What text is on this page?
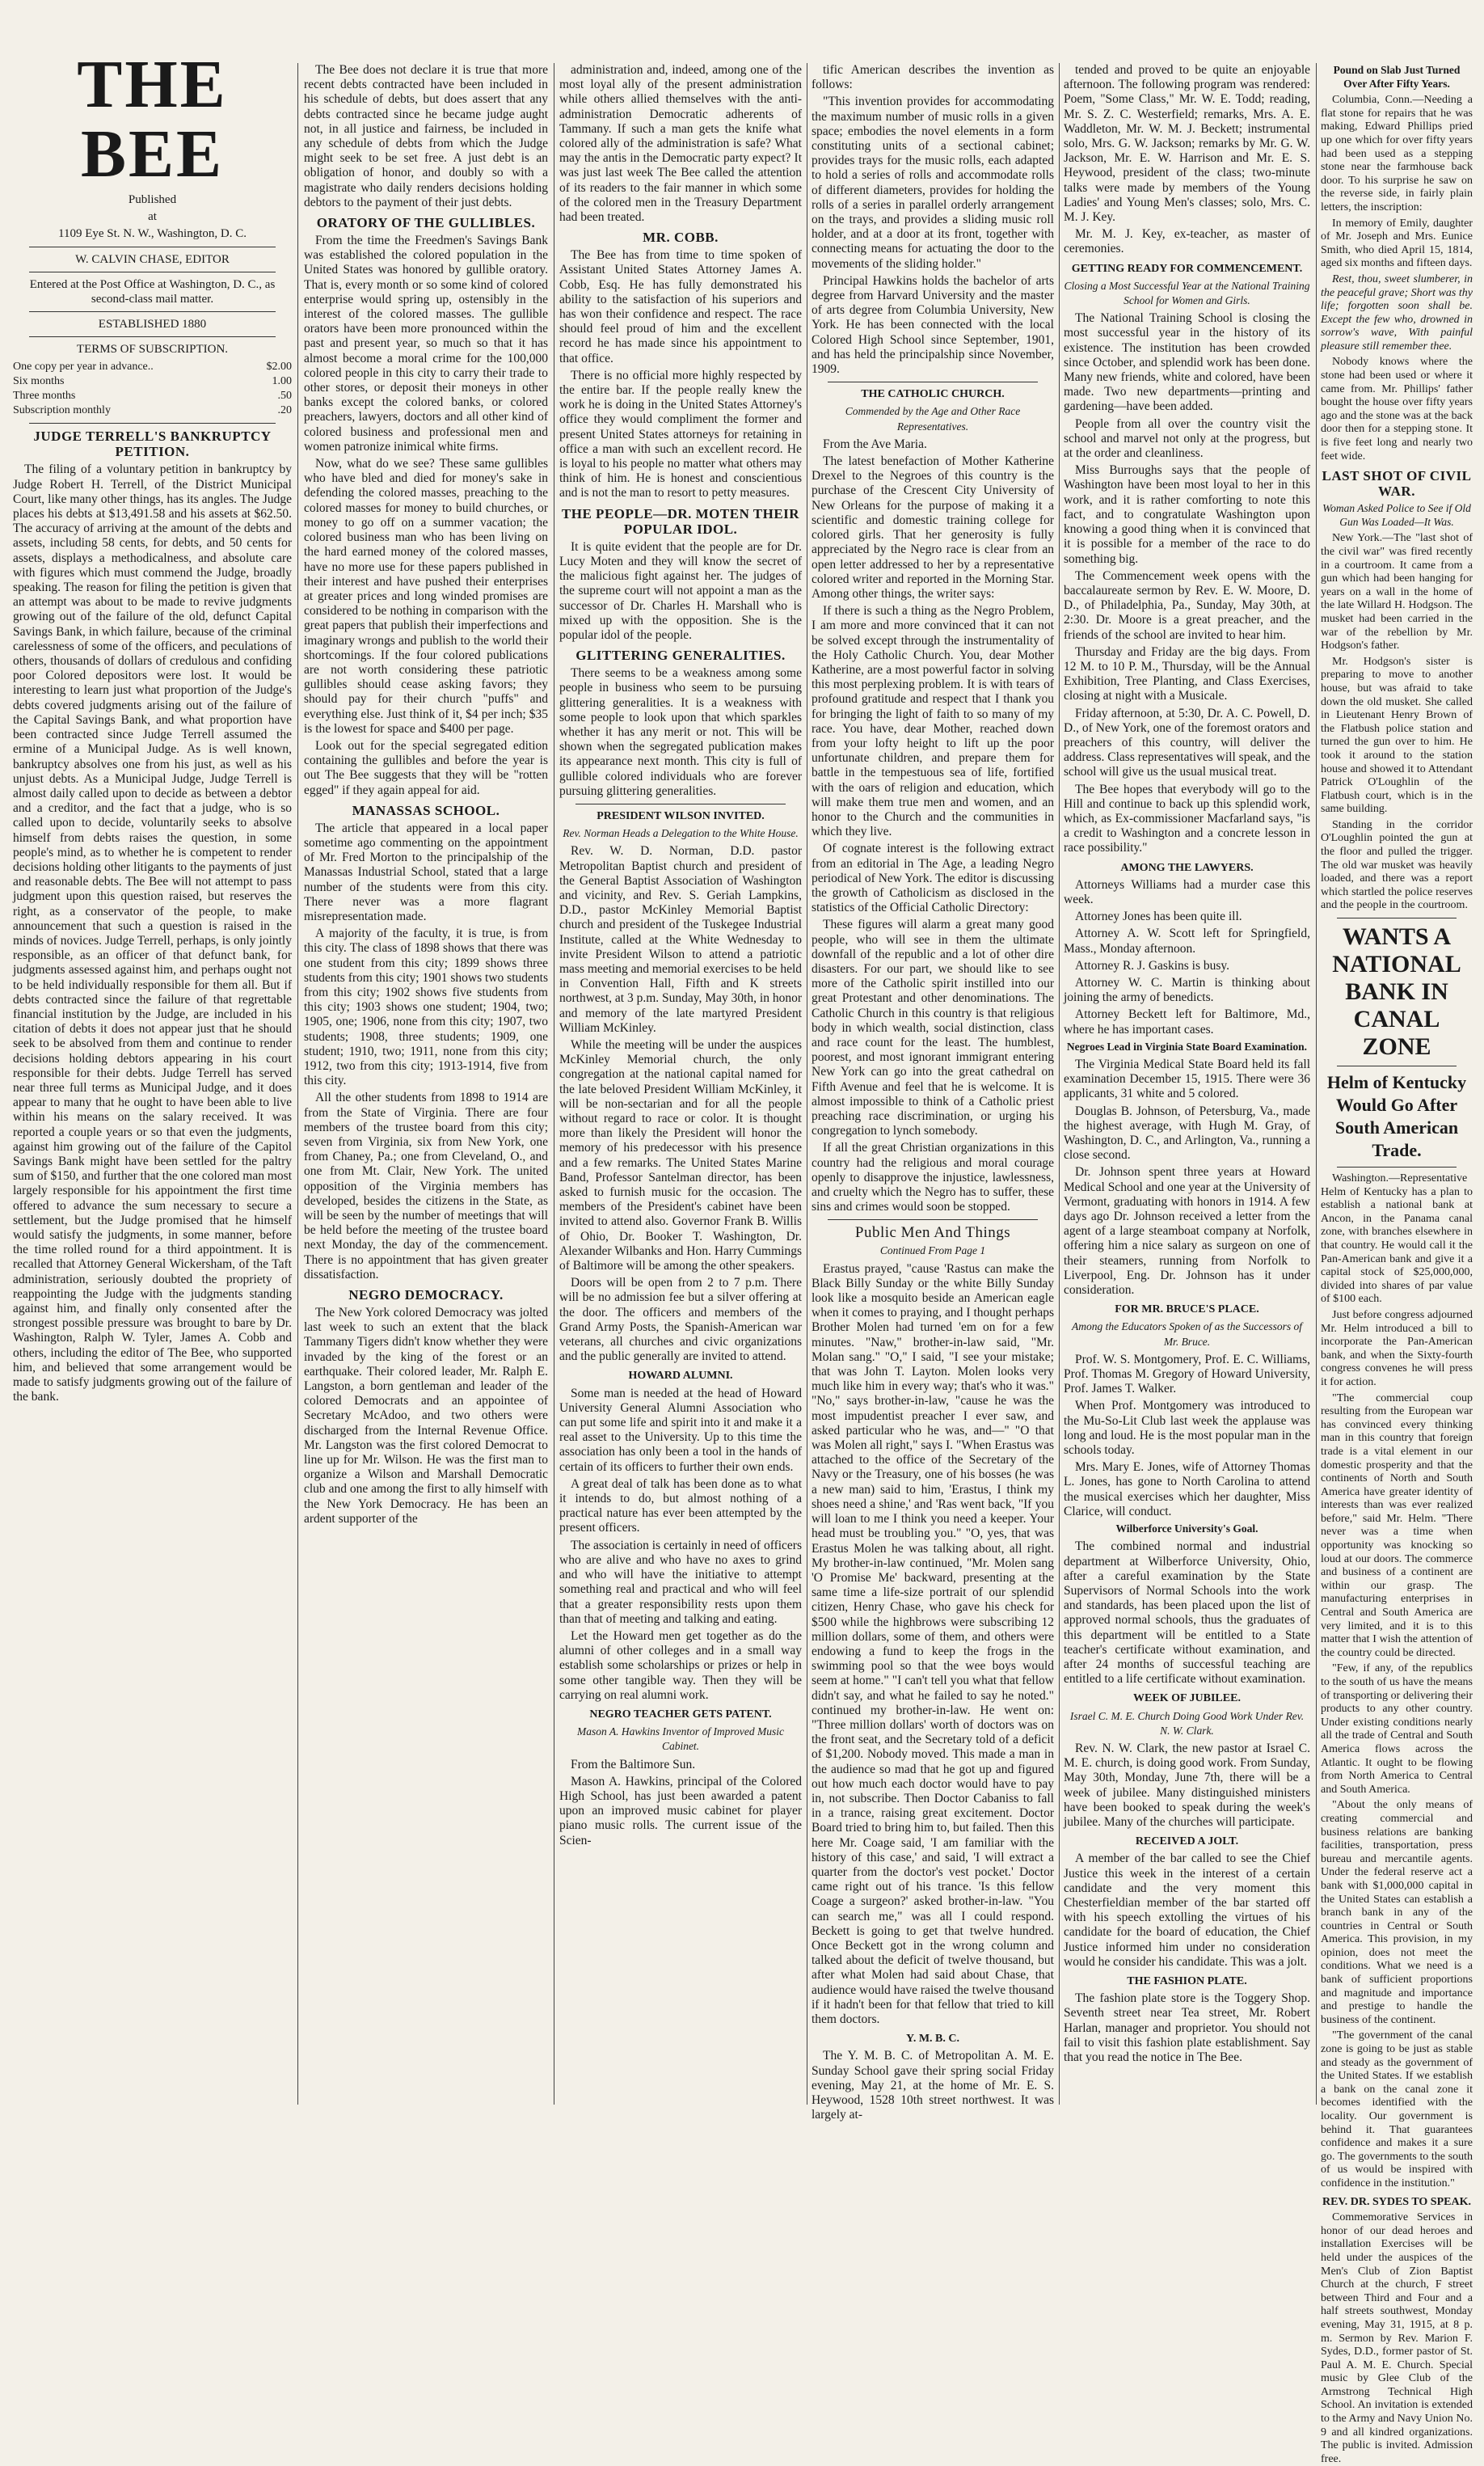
THE BEE
Published
at
1109 Eye St. N. W., Washington, D. C.
W. CALVIN CHASE, EDITOR
Entered at the Post Office at Washington, D. C., as second-class mail matter.
ESTABLISHED 1880
TERMS OF SUBSCRIPTION.
One copy per year in advance..	$2.00
Six months	1.00
Three months	.50
Subscription monthly	.20
JUDGE TERRELL'S BANKRUPTCY PETITION.

The filing of a voluntary petition in bankruptcy by Judge Robert H. Terrell, of the District Municipal Court, like many other things, has its angles. The Judge places his debts at $13,491.58 and his assets at $62.50. The accuracy of arriving at the amount of the debts and assets, including 58 cents, for debts, and 50 cents for assets, displays a methodicalness, and absolute care with figures which must commend the Judge, broadly speaking. The reason for filing the petition is given that an attempt was about to be made to revive judgments growing out of the failure of the old, defunct Capital Savings Bank, in which failure, because of the criminal carelessness of some of the officers, and peculations of others, thousands of dollars of credulous and confiding poor Colored depositors were lost. It would be interesting to learn just what proportion of the Judge's debts covered judgments arising out of the failure of the Capital Savings Bank, and what proportion have been contracted since Judge Terrell assumed the ermine of a Municipal Judge. As is well known, bankruptcy absolves one from his just, as well as his unjust debts. As a Municipal Judge, Judge Terrell is almost daily called upon to decide as between a debtor and a creditor, and the fact that a judge, who is so called upon to decide, voluntarily seeks to absolve himself from debts raises the question, in some people's mind, as to whether he is competent to render decisions holding other litigants to the payments of just and reasonable debts. The Bee will not attempt to pass judgment upon this question raised, but reserves the right, as a conservator of the people, to make announcement that such a question is raised in the minds of novices. Judge Terrell, perhaps, is only jointly responsible, as an officer of that defunct bank, for judgments assessed against him, and perhaps ought not to be held individually responsible for them all. But if debts contracted since the failure of that regrettable financial institution by the Judge, are included in his citation of debts it does not appear just that he should seek to be absolved from them and continue to render decisions holding debtors appearing in his court responsible for their debts. Judge Terrell has served near three full terms as Municipal Judge, and it does appear to many that he ought to have been able to live within his means on the salary received. It was reported a couple years or so that even the judgments, against him growing out of the failure of the Capitol Savings Bank might have been settled for the paltry sum of $150, and further that the one colored man most largely responsible for his appointment the first time offered to advance the sum necessary to secure a settlement, but the Judge promised that he himself would satisfy the judgments, in some manner, before the time rolled round for a third appointment. It is recalled that Attorney General Wickersham, of the Taft administration, seriously doubted the propriety of reappointing the Judge with the judgments standing against him, and finally only consented after the strongest possible pressure was brought to bare by Dr. Washington, Ralph W. Tyler, James A. Cobb and others, including the editor of The Bee, who supported him, and believed that some arrangement would be made to satisfy judgments growing out of the failure of the bank.

The Bee does not declare it is true that more recent debts contracted have been included in his schedule of debts, but does assert that any debts contracted since he became judge aught not, in all justice and fairness, be included in any schedule of debts from which the Judge might seek to be set free. A just debt is an obligation of honor, and doubly so with a magistrate who daily renders decisions holding debtors to the payment of their just debts.

ORATORY OF THE GULLIBLES.

From the time the Freedmen's Savings Bank was established the colored population in the United States was honored by gullible oratory. That is, every month or so some kind of colored enterprise would spring up, ostensibly in the interest of the colored masses. The gullible orators have been more pronounced within the past and present year, so much so that it has almost become a moral crime for the 100,000 colored people in this city to carry their trade to other stores, or deposit their moneys in other banks except the colored banks, or colored preachers, lawyers, doctors and all other kind of colored business and professional men and women patronize inimical white firms.

Now, what do we see? These same gullibles who have bled and died for money's sake in defending the colored masses, preaching to the colored masses for money to build churches, or money to go off on a summer vacation; the colored business man who has been living on the hard earned money of the colored masses, have no more use for these papers published in their interest and have pushed their enterprises at greater prices and long winded promises are considered to be nothing in comparison with the great papers that publish their imperfections and imaginary wrongs and publish to the world their shortcomings. If the four colored publications are not worth considering these patriotic gullibles should cease asking favors; they should pay for their church "puffs" and everything else. Just think of it, $4 per inch; $35 is the lowest for space and $400 per page.

Look out for the special segregated edition containing the gullibles and before the year is out The Bee suggests that they will be "rotten egged" if they again appeal for aid.

MANASSAS SCHOOL.

The article that appeared in a local paper sometime ago commenting on the appointment of Mr. Fred Morton to the principalship of the Manassas Industrial School, stated that a large number of the students were from this city. There never was a more flagrant misrepresentation made.

A majority of the faculty, it is true, is from this city. The class of 1898 shows that there was one student from this city; 1899 shows three students from this city; 1901 shows two students from this city; 1902 shows five students from this city; 1903 shows one student; 1904, two; 1905, one; 1906, none from this city; 1907, two students; 1908, three students; 1909, one student; 1910, two; 1911, none from this city; 1912, two from this city; 1913-1914, five from this city.

All the other students from 1898 to 1914 are from the State of Virginia. There are four members of the trustee board from this city; seven from Virginia, six from New York, one from Chaney, Pa.; one from Cleveland, O., and one from Mt. Clair, New York. The united opposition of the Virginia members has developed, besides the citizens in the State, as will be seen by the number of meetings that will be held before the meeting of the trustee board next Monday, the day of the commencement. There is no appointment that has given greater dissatisfaction.

NEGRO DEMOCRACY.

The New York colored Democracy was jolted last week to such an extent that the black Tammany Tigers didn't know whether they were invaded by the king of the forest or an earthquake. Their colored leader, Mr. Ralph E. Langston, a born gentleman and leader of the colored Democrats and an appointee of Secretary McAdoo, and two others were discharged from the Internal Revenue Office. Mr. Langston was the first colored Democrat to line up for Mr. Wilson. He was the first man to organize a Wilson and Marshall Democratic club and one among the first to ally himself with the New York Democracy. He has been an ardent supporter of the

administration and, indeed, among one of the most loyal ally of the present administration while others allied themselves with the anti-administration Democratic adherents of Tammany. If such a man gets the knife what colored ally of the administration is safe? What may the antis in the Democratic party expect? It was just last week The Bee called the attention of its readers to the fair manner in which some of the colored men in the Treasury Department had been treated.

MR. COBB.

The Bee has from time to time spoken of Assistant United States Attorney James A. Cobb, Esq. He has fully demonstrated his ability to the satisfaction of his superiors and has won their confidence and respect. The race should feel proud of him and the excellent record he has made since his appointment to that office.

There is no official more highly respected by the entire bar. If the people really knew the work he is doing in the United States Attorney's office they would compliment the former and present United States attorneys for retaining in office a man with such an excellent record. He is loyal to his people no matter what others may think of him. He is honest and conscientious and is not the man to resort to petty measures.

THE PEOPLE—DR. MOTEN THEIR POPULAR IDOL.

It is quite evident that the people are for Dr. Lucy Moten and they will know the secret of the malicious fight against her. The judges of the supreme court will not appoint a man as the successor of Dr. Charles H. Marshall who is mixed up with the opposition. She is the popular idol of the people.

GLITTERING GENERALITIES.

There seems to be a weakness among some people in business who seem to be pursuing glittering generalities. It is a weakness with some people to look upon that which sparkles whether it has any merit or not. This will be shown when the segregated publication makes its appearance next month. This city is full of gullible colored individuals who are forever pursuing glittering generalities.

PRESIDENT WILSON INVITED.
Rev. Norman Heads a Delegation to the White House.

Rev. W. D. Norman, D.D. pastor Metropolitan Baptist church and president of the General Baptist Association of Washington and vicinity, and Rev. S. Geriah Lampkins, D.D., pastor McKinley Memorial Baptist church and president of the Tuskegee Industrial Institute, called at the White Wednesday to invite President Wilson to attend a patriotic mass meeting and memorial exercises to be held in Convention Hall, Fifth and K streets northwest, at 3 p.m. Sunday, May 30th, in honor and memory of the late martyred President William McKinley.

While the meeting will be under the auspices McKinley Memorial church, the only congregation at the national capital named for the late beloved President William McKinley, it will be non-sectarian and for all the people without regard to race or color. It is thought more than likely the President will honor the memory of his predecessor with his presence and a few remarks. The United States Marine Band, Professor Santelman director, has been asked to furnish music for the occasion. The members of the President's cabinet have been invited to attend also. Governor Frank B. Willis of Ohio, Dr. Booker T. Washington, Dr. Alexander Wilbanks and Hon. Harry Cummings of Baltimore will be among the other speakers.

Doors will be open from 2 to 7 p.m. There will be no admission fee but a silver offering at the door. The officers and members of the Grand Army Posts, the Spanish-American war veterans, all churches and civic organizations and the public generally are invited to attend.

HOWARD ALUMNI.

Some man is needed at the head of Howard University General Alumni Association who can put some life and spirit into it and make it a real asset to the University. Up to this time the association has only been a tool in the hands of certain of its officers to further their own ends.

A great deal of talk has been done as to what it intends to do, but almost nothing of a practical nature has ever been attempted by the present officers.

The association is certainly in need of officers who are alive and who have no axes to grind and who will have the initiative to attempt something real and practical and who will feel that a greater responsibility rests upon them than that of meeting and talking and eating.

Let the Howard men get together as do the alumni of other colleges and in a small way establish some scholarships or prizes or help in some other tangible way. Then they will be carrying on real alumni work.

NEGRO TEACHER GETS PATENT.
Mason A. Hawkins Inventor of Improved Music Cabinet.

From the Baltimore Sun.

Mason A. Hawkins, principal of the Colored High School, has just been awarded a patent upon an improved music cabinet for player piano music rolls. The current issue of the Scien-

tific American describes the invention as follows:

"This invention provides for accommodating the maximum number of music rolls in a given space; embodies the novel elements in a form constituting units of a sectional cabinet; provides trays for the music rolls, each adapted to hold a series of rolls and accommodate rolls of different diameters, provides for holding the rolls of a series in parallel orderly arrangement on the trays, and provides a sliding music roll holder, and at a door at its front, together with connecting means for actuating the door to the movements of the sliding holder."

Principal Hawkins holds the bachelor of arts degree from Harvard University and the master of arts degree from Columbia University, New York. He has been connected with the local Colored High School since September, 1901, and has held the principalship since November, 1909.

THE CATHOLIC CHURCH.
Commended by the Age and Other Race Representatives.

From the Ave Maria.

The latest benefaction of Mother Katherine Drexel to the Negroes of this country is the purchase of the Crescent City University of New Orleans for the purpose of making it a scientific and domestic training college for colored girls. That her generosity is fully appreciated by the Negro race is clear from an open letter addressed to her by a representative colored writer and reported in the Morning Star. Among other things, the writer says:

If there is such a thing as the Negro Problem, I am more and more convinced that it can not be solved except through the instrumentality of the Holy Catholic Church. You, dear Mother Katherine, are a most powerful factor in solving this most perplexing problem. It is with tears of profound gratitude and respect that I thank you for bringing the light of faith to so many of my race. You have, dear Mother, reached down from your lofty height to lift up the poor unfortunate children, and prepare them for battle in the tempestuous sea of life, fortified with the oars of religion and education, which will make them true men and women, and an honor to the Church and the communities in which they live.

Of cognate interest is the following extract from an editorial in The Age, a leading Negro periodical of New York. The editor is discussing the growth of Catholicism as disclosed in the statistics of the Official Catholic Directory:

These figures will alarm a great many good people, who will see in them the ultimate downfall of the republic and a lot of other dire disasters. For our part, we should like to see more of the Catholic spirit instilled into our great Protestant and other denominations. The Catholic Church in this country is that religious body in which wealth, social distinction, class and race count for the least. The humblest, poorest, and most ignorant immigrant entering New York can go into the great cathedral on Fifth Avenue and feel that he is welcome. It is almost impossible to think of a Catholic priest preaching race discrimination, or urging his congregation to lynch somebody.

If all the great Christian organizations in this country had the religious and moral courage openly to disapprove the injustice, lawlessness, and cruelty which the Negro has to suffer, these sins and crimes would soon be stopped.

Public Men And Things
Continued From Page 1

Erastus prayed, "cause 'Rastus can make the Black Billy Sunday or the white Billy Sunday look like a mosquito beside an American eagle when it comes to praying, and I thought perhaps Brother Molen had turned 'em on for a few minutes. "Naw," brother-in-law said, "Mr. Molan sang." "O," I said, "I see your mistake; that was John T. Layton. Molen looks very much like him in every way; that's who it was." "No," says brother-in-law, "cause he was the most impudentist preacher I ever saw, and asked particular who he was, and—" "O that was Molen all right," says I. "When Erastus was attached to the office of the Secretary of the Navy or the Treasury, one of his bosses (he was a new man) said to him, 'Erastus, I think my shoes need a shine,' and 'Ras went back, "If you will loan to me I think you need a keeper. Your head must be troubling you." "O, yes, that was Erastus Molen he was talking about, all right. My brother-in-law continued, "Mr. Molen sang 'O Promise Me' backward, presenting at the same time a life-size portrait of our splendid citizen, Henry Chase, who gave his check for $500 while the highbrows were subscribing 12 million dollars, some of them, and others were endowing a fund to keep the frogs in the swimming pool so that the wee boys would seem at home." "I can't tell you what that fellow didn't say, and what he failed to say he noted." continued my brother-in-law. He went on: "Three million dollars' worth of doctors was on the front seat, and the Secretary told of a deficit of $1,200. Nobody moved. This made a man in the audience so mad that he got up and figured out how much each doctor would have to pay in, not subscribe. Then Doctor Cabaniss to fall in a trance, raising great excitement. Doctor Board tried to bring him to, but failed. Then this here Mr. Coage said, 'I am familiar with the history of this case,' and said, 'I will extract a quarter from the doctor's vest pocket.' Doctor came right out of his trance. 'Is this fellow Coage a surgeon?' asked brother-in-law. "You can search me," was all I could respond. Beckett is going to get that twelve hundred. Once Beckett got in the wrong column and talked about the deficit of twelve thousand, but after what Molen had said about Chase, that audience would have raised the twelve thousand if it hadn't been for that fellow that tried to kill them doctors.

Y. M. B. C.

The Y. M. B. C. of Metropolitan A. M. E. Sunday School gave their spring social Friday evening, May 21, at the home of Mr. E. S. Heywood, 1528 10th street northwest. It was largely at-

tended and proved to be quite an enjoyable afternoon. The following program was rendered: Poem, "Some Class," Mr. W. E. Todd; reading, Mr. S. Z. C. Westerfield; remarks, Mrs. A. E. Waddleton, Mr. W. M. J. Beckett; instrumental solo, Mrs. G. W. Jackson; remarks by Mr. G. W. Jackson, Mr. E. W. Harrison and Mr. E. S. Heywood, president of the class; two-minute talks were made by members of the Young Ladies' and Young Men's classes; solo, Mrs. C. M. J. Key.

Mr. M. J. Key, ex-teacher, as master of ceremonies.

GETTING READY FOR COMMENCEMENT.
Closing a Most Successful Year at the National Training School for Women and Girls.

The National Training School is closing the most successful year in the history of its existence. The institution has been crowded since October, and splendid work has been done. Many new friends, white and colored, have been made. Two new departments—printing and gardening—have been added.

People from all over the country visit the school and marvel not only at the progress, but at the order and cleanliness.

Miss Burroughs says that the people of Washington have been most loyal to her in this work, and it is rather comforting to note this fact, and to congratulate Washington upon knowing a good thing when it is convinced that it is possible for a member of the race to do something big.

The Commencement week opens with the baccalaureate sermon by Rev. E. W. Moore, D. D., of Philadelphia, Pa., Sunday, May 30th, at 2:30. Dr. Moore is a great preacher, and the friends of the school are invited to hear him.

Thursday and Friday are the big days. From 12 M. to 10 P. M., Thursday, will be the Annual Exhibition, Tree Planting, and Class Exercises, closing at night with a Musicale.

Friday afternoon, at 5:30, Dr. A. C. Powell, D. D., of New York, one of the foremost orators and preachers of this country, will deliver the address. Class representatives will speak, and the school will give us the usual musical treat.

The Bee hopes that everybody will go to the Hill and continue to back up this splendid work, which, as Ex-commissioner Macfarland says, "is a credit to Washington and a concrete lesson in race possibility."

AMONG THE LAWYERS.

Attorneys Williams had a murder case this week.

Attorney Jones has been quite ill.

Attorney A. W. Scott left for Springfield, Mass., Monday afternoon.

Attorney R. J. Gaskins is busy.

Attorney W. C. Martin is thinking about joining the army of benedicts.

Attorney Beckett left for Baltimore, Md., where he has important cases.

Negroes Lead in Virginia State Board Examination.

The Virginia Medical State Board held its fall examination December 15, 1915. There were 36 applicants, 31 white and 5 colored.

Douglas B. Johnson, of Petersburg, Va., made the highest average, with Hugh M. Gray, of Washington, D. C., and Arlington, Va., running a close second.

Dr. Johnson spent three years at Howard Medical School and one year at the University of Vermont, graduating with honors in 1914. A few days ago Dr. Johnson received a letter from the agent of a large steamboat company at Norfolk, offering him a nice salary as surgeon on one of their steamers, running from Norfolk to Liverpool, Eng. Dr. Johnson has it under consideration.

FOR MR. BRUCE'S PLACE.
Among the Educators Spoken of as the Successors of Mr. Bruce.

Prof. W. S. Montgomery, Prof. E. C. Williams, Prof. Thomas M. Gregory of Howard University, Prof. James T. Walker.

When Prof. Montgomery was introduced to the Mu-So-Lit Club last week the applause was long and loud. He is the most popular man in the schools today.

Mrs. Mary E. Jones, wife of Attorney Thomas L. Jones, has gone to North Carolina to attend the musical exercises which her daughter, Miss Clarice, will conduct.

Wilberforce University's Goal.

The combined normal and industrial department at Wilberforce University, Ohio, after a careful examination by the State Supervisors of Normal Schools into the work and standards, has been placed upon the list of approved normal schools, thus the graduates of this department will be entitled to a State teacher's certificate without examination, and after 24 months of successful teaching are entitled to a life certificate without examination.

WEEK OF JUBILEE.
Israel C. M. E. Church Doing Good Work Under Rev. N. W. Clark.

Rev. N. W. Clark, the new pastor at Israel C. M. E. church, is doing good work. From Sunday, May 30th, Monday, June 7th, there will be a week of jubilee. Many distinguished ministers have been booked to speak during the week's jubilee. Many of the churches will participate.

RECEIVED A JOLT.

A member of the bar called to see the Chief Justice this week in the interest of a certain candidate and the very moment this Chesterfieldian member of the bar started off with his speech extolling the virtues of his candidate for the board of education, the Chief Justice informed him under no consideration would he consider his candidate. This was a jolt.

THE FASHION PLATE.

The fashion plate store is the Toggery Shop. Seventh street near Tea street, Mr. Robert Harlan, manager and proprietor. You should not fail to visit this fashion plate establishment. Say that you read the notice in The Bee.

Pound on Slab Just Turned Over After Fifty Years.

Columbia, Conn.—Needing a flat stone for repairs that he was making, Edward Phillips pried up one which for over fifty years had been used as a stepping stone near the farmhouse back door. To his surprise he saw on the reverse side, in fairly plain letters, the inscription:

In memory of Emily, daughter of Mr. Joseph and Mrs. Eunice Smith, who died April 15, 1814, aged six months and fifteen days.

Rest, thou, sweet slumberer, in the peaceful grave; Short was thy life; forgotten soon shall be. Except the few who, drowned in sorrow's wave, With painful pleasure still remember thee.

Nobody knows where the stone had been used or where it came from. Mr. Phillips' father bought the house over fifty years ago and the stone was at the back door then for a stepping stone. It is five feet long and nearly two feet wide.

LAST SHOT OF CIVIL WAR.
Woman Asked Police to See if Old Gun Was Loaded—It Was.

New York.—The "last shot of the civil war" was fired recently in a courtroom. It came from a gun which had been hanging for years on a wall in the home of the late Willard H. Hodgson. The musket had been carried in the war of the rebellion by Mr. Hodgson's father.

Mr. Hodgson's sister is preparing to move to another house, but was afraid to take down the old musket. She called in Lieutenant Henry Brown of the Flatbush police station and turned the gun over to him. He took it around to the station house and showed it to Attendant Patrick O'Loughlin of the Flatbush court, which is in the same building.

Standing in the corridor O'Loughlin pointed the gun at the floor and pulled the trigger. The old war musket was heavily loaded, and there was a report which startled the police reserves and the people in the courtroom.

WANTS A NATIONAL BANK IN CANAL ZONE
Helm of Kentucky Would Go After South American Trade.

Washington.—Representative Helm of Kentucky has a plan to establish a national bank at Ancon, in the Panama canal zone, with branches elsewhere in that country. He would call it the Pan-American bank and give it a capital stock of $25,000,000, divided into shares of par value of $100 each.

Just before congress adjourned Mr. Helm introduced a bill to incorporate the Pan-American bank, and when the Sixty-fourth congress convenes he will press it for action.

"The commercial coup resulting from the European war has convinced every thinking man in this country that foreign trade is a vital element in our domestic prosperity and that the continents of North and South America have greater identity of interests than was ever realized before," said Mr. Helm. "There never was a time when opportunity was knocking so loud at our doors. The commerce and business of a continent are within our grasp. The manufacturing enterprises in Central and South America are very limited, and it is to this matter that I wish the attention of the country could be directed.

"Few, if any, of the republics to the south of us have the means of transporting or delivering their products to any other country. Under existing conditions nearly all the trade of Central and South America flows across the Atlantic. It ought to be flowing from North America to Central and South America.

"About the only means of creating commercial and business relations are banking facilities, transportation, press bureau and mercantile agents. Under the federal reserve act a bank with $1,000,000 capital in the United States can establish a branch bank in any of the countries in Central or South America. This provision, in my opinion, does not meet the conditions. What we need is a bank of sufficient proportions and magnitude and importance and prestige to handle the business of the continent.

"The government of the canal zone is going to be just as stable and steady as the government of the United States. If we establish a bank on the canal zone it becomes identified with the locality. Our government is behind it. That guarantees confidence and makes it a sure go. The governments to the south of us would be inspired with confidence in the institution."

REV. DR. SYDES TO SPEAK.

Commemorative Services in honor of our dead heroes and installation Exercises will be held under the auspices of the Men's Club of Zion Baptist Church at the church, F street between Third and Four and a half streets southwest, Monday evening, May 31, 1915, at 8 p. m. Sermon by Rev. Marion F. Sydes, D.D., former pastor of St. Paul A. M. E. Church. Special music by Glee Club of the Armstrong Technical High School. An invitation is extended to the Army and Navy Union No. 9 and all kindred organizations. The public is invited. Admission free.
